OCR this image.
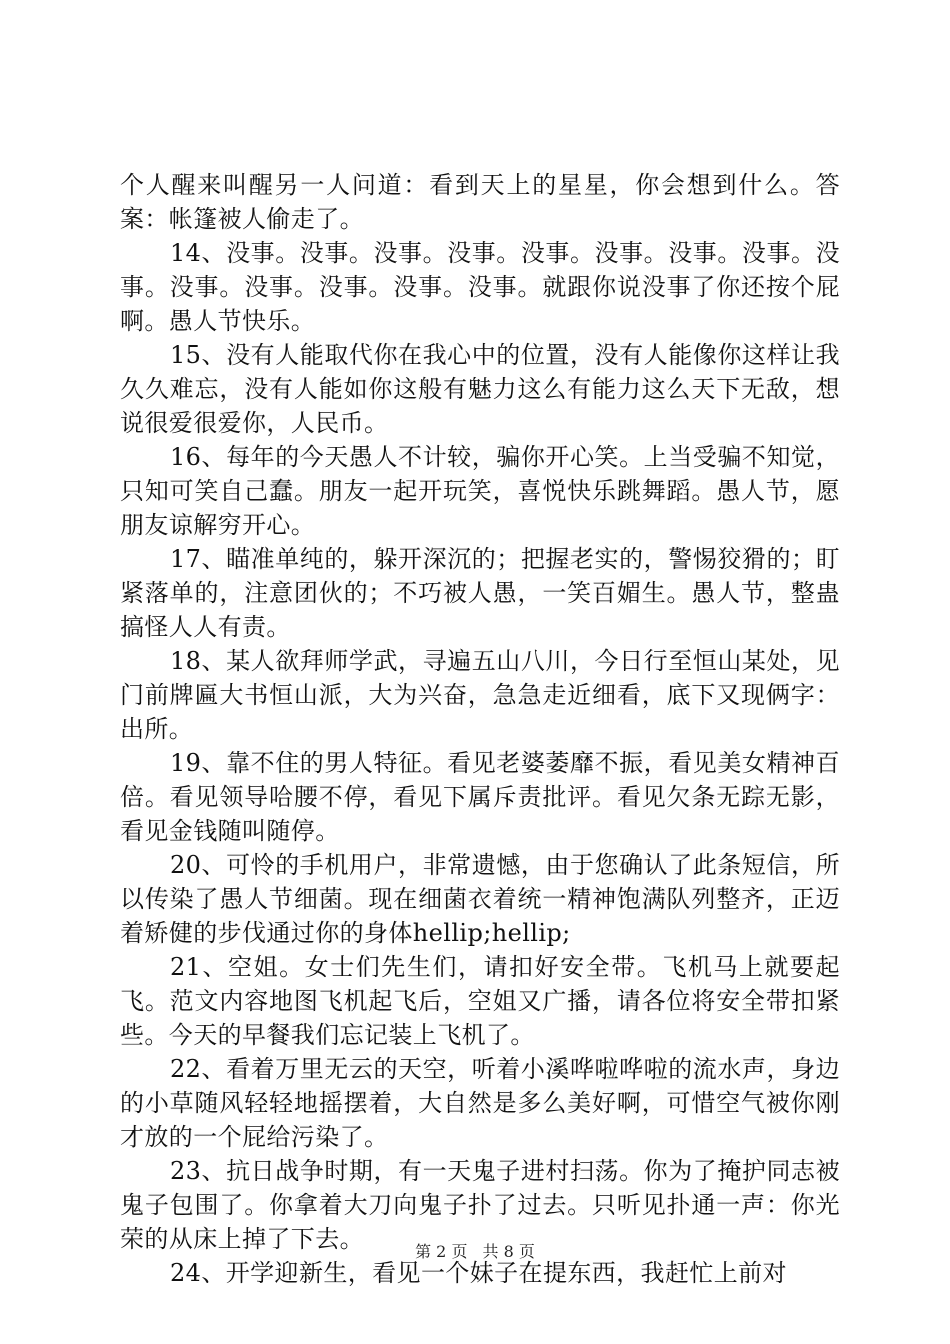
个人醒来叫醒另一人问道：看到天上的星星，你会想到什么。答案：帐篷被人偷走了。

14、没事。没事。没事。没事。没事。没事。没事。没事。没事。没事。没事。没事。没事。没事。就跟你说没事了你还按个屁啊。愚人节快乐。

15、没有人能取代你在我心中的位置，没有人能像你这样让我久久难忘，没有人能如你这般有魅力这么有能力这么天下无敌，想说很爱很爱你，人民币。

16、每年的今天愚人不计较，骗你开心笑。上当受骗不知觉，只知可笑自己蠢。朋友一起开玩笑，喜悦快乐跳舞蹈。愚人节，愿朋友谅解穷开心。

17、瞄准单纯的，躲开深沉的；把握老实的，警惕狡猾的；盯紧落单的，注意团伙的；不巧被人愚，一笑百媚生。愚人节，整蛊搞怪人人有责。

18、某人欲拜师学武，寻遍五山八川，今日行至恒山某处，见门前牌匾大书恒山派，大为兴奋，急急走近细看，底下又现俩字：出所。

19、靠不住的男人特征。看见老婆萎靡不振，看见美女精神百倍。看见领导哈腰不停，看见下属斥责批评。看见欠条无踪无影，看见金钱随叫随停。

20、可怜的手机用户，非常遗憾，由于您确认了此条短信，所以传染了愚人节细菌。现在细菌衣着统一精神饱满队列整齐，正迈着矫健的步伐通过你的身体hellip;hellip;

21、空姐。女士们先生们，请扣好安全带。飞机马上就要起飞。范文内容地图飞机起飞后，空姐又广播，请各位将安全带扣紧些。今天的早餐我们忘记装上飞机了。

22、看着万里无云的天空，听着小溪哗啦哗啦的流水声，身边的小草随风轻轻地摇摆着，大自然是多么美好啊，可惜空气被你刚才放的一个屁给污染了。

23、抗日战争时期，有一天鬼子进村扫荡。你为了掩护同志被鬼子包围了。你拿着大刀向鬼子扑了过去。只听见扑通一声：你光荣的从床上掉了下去。

24、开学迎新生，看见一个妹子在提东西，我赶忙上前对

第 2 页 共 8 页
